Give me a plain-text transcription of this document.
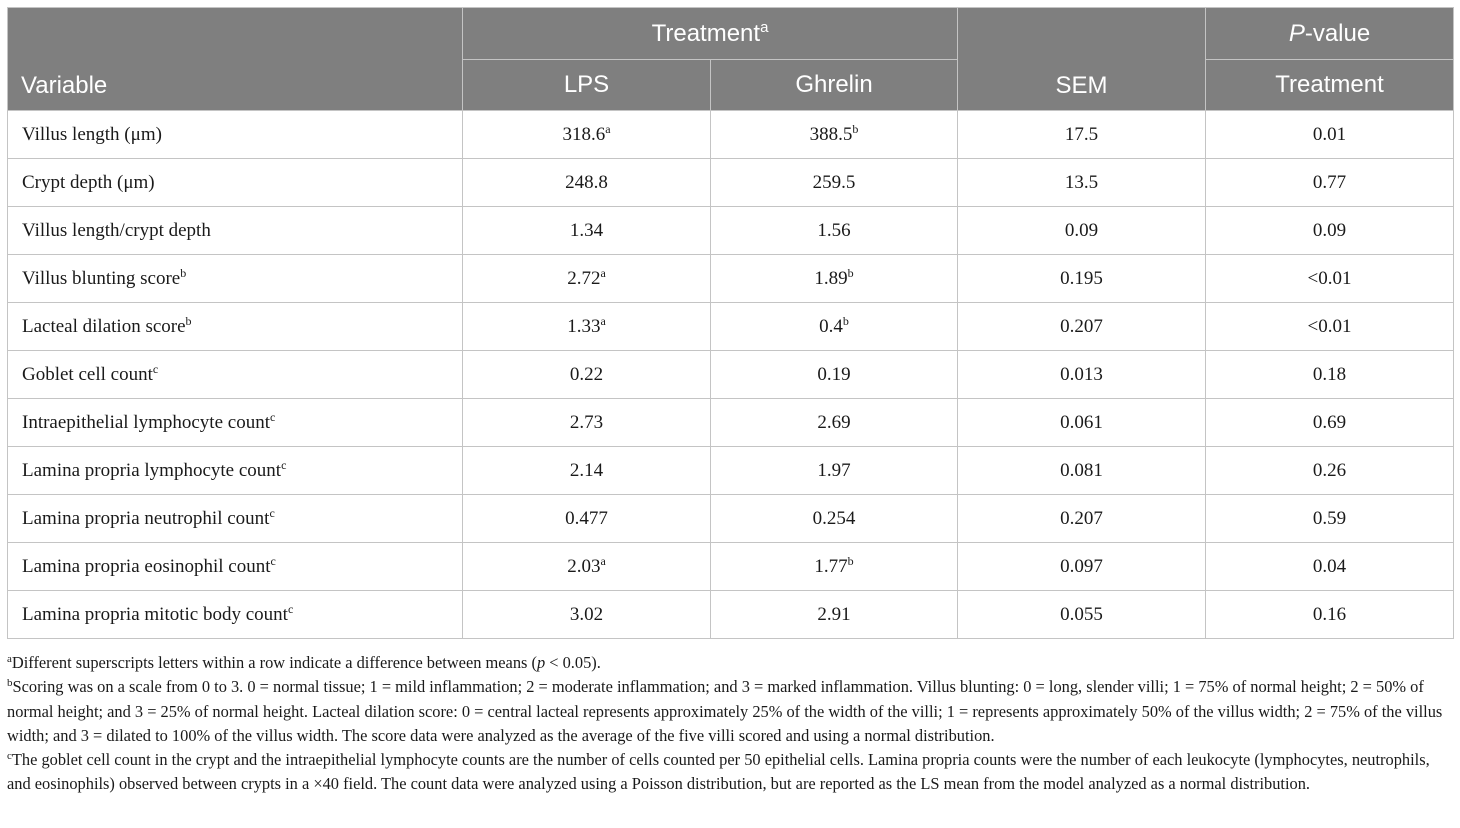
Variable	Treatment$^a$		SEM	P-value
	LPS	Ghrelin		Treatment
Villus length (μm)	318.6$^a$	388.5$^b$	17.5	0.01
Crypt depth (μm)	248.8	259.5	13.5	0.77
Villus length/crypt depth	1.34	1.56	0.09	0.09
Villus blunting score$^b$	2.72$^a$	1.89$^b$	0.195	<0.01
Lacteal dilation score$^b$	1.33$^a$	0.4$^b$	0.207	<0.01
Goblet cell count$^c$	0.22	0.19	0.013	0.18
Intraepithelial lymphocyte count$^c$	2.73	2.69	0.061	0.69
Lamina propria lymphocyte count$^c$	2.14	1.97	0.081	0.26
Lamina propria neutrophil count$^c$	0.477	0.254	0.207	0.59
Lamina propria eosinophil count$^c$	2.03$^a$	1.77$^b$	0.097	0.04
Lamina propria mitotic body count$^c$	3.02	2.91	0.055	0.16

$^a$Different superscripts letters within a row indicate a difference between means (p < 0.05).

$^b$Scoring was on a scale from 0 to 3. 0 = normal tissue; 1 = mild inflammation; 2 = moderate inflammation; and 3 = marked inflammation. Villus blunting: 0 = long, slender villi; 1 = 75% of normal height; 2 = 50% of normal height; and 3 = 25% of normal height. Lacteal dilation score: 0 = central lacteal represents approximately 25% of the width of the villi; 1 = represents approximately 50% of the villus width; 2 = 75% of the villus width; and 3 = dilated to 100% of the villus width. The score data were analyzed as the average of the five villi scored and using a normal distribution.

$^c$The goblet cell count in the crypt and the intraepithelial lymphocyte counts are the number of cells counted per 50 epithelial cells. Lamina propria counts were the number of each leukocyte (lymphocytes, neutrophils, and eosinophils) observed between crypts in a ×40 field. The count data were analyzed using a Poisson distribution, but are reported as the LS mean from the model analyzed as a normal distribution.
